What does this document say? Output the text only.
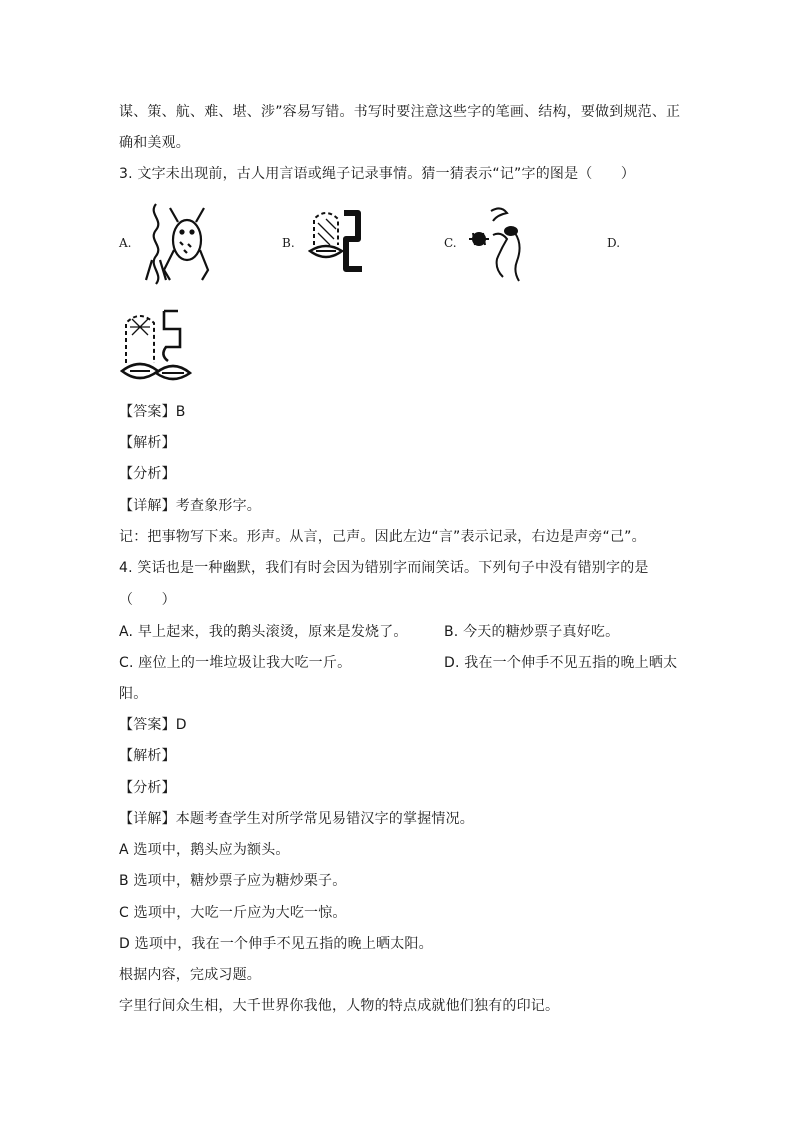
谋、策、航、难、堪、涉”容易写错。书写时要注意这些字的笔画、结构，要做到规范、正
确和美观。
3. 文字未出现前，古人用言语或绳子记录事情。猜一猜表示“记”字的图是（　　）
A.	B.	C.	D.
【答案】B
【解析】
【分析】
【详解】考查象形字。
记：把事物写下来。形声。从言，己声。因此左边“言”表示记录，右边是声旁“己”。
4. 笑话也是一种幽默，我们有时会因为错别字而闹笑话。下列句子中没有错别字的是
（　　）
A. 早上起来，我的鹅头滚烫，原来是发烧了。	B. 今天的糖炒票子真好吃。
C. 座位上的一堆垃圾让我大吃一斤。	D. 我在一个伸手不见五指的晚上晒太
阳。
【答案】D
【解析】
【分析】
【详解】本题考查学生对所学常见易错汉字的掌握情况。
A 选项中，鹅头应为额头。
B 选项中，糖炒票子应为糖炒栗子。
C 选项中，大吃一斤应为大吃一惊。
D 选项中，我在一个伸手不见五指的晚上晒太阳。
根据内容，完成习题。
字里行间众生相，大千世界你我他，人物的特点成就他们独有的印记。
